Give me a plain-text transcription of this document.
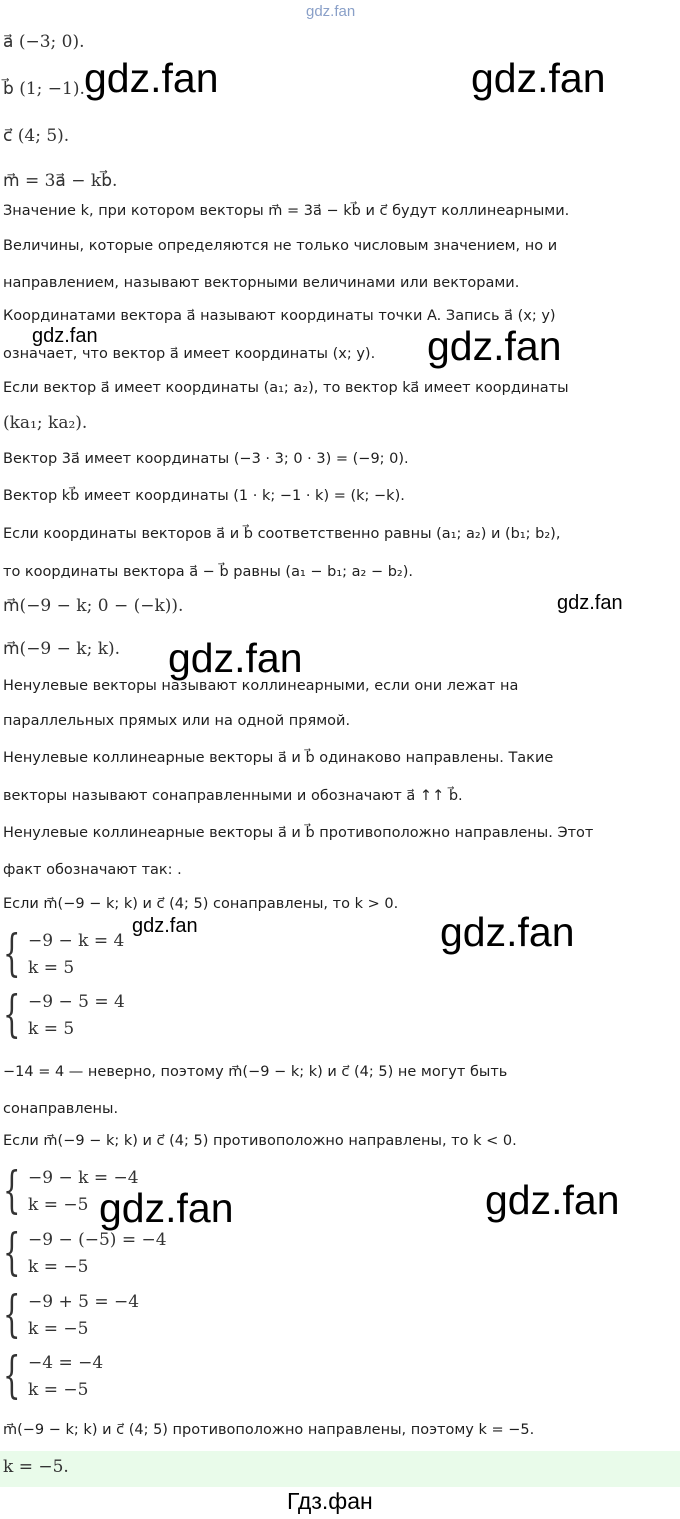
gdz.fan
a⃗ (−3; 0).
b⃗ (1; −1).
c⃗ (4; 5).
m⃗ = 3a⃗ − kb⃗.
Значение k, при котором векторы m⃗ = 3a⃗ − kb⃗ и c⃗ будут коллинеарными.
Величины, которые определяются не только числовым значением, но и
направлением, называют векторными величинами или векторами.
Координатами вектора a⃗ называют координаты точки A. Запись a⃗ (x; y)
означает, что вектор a⃗ имеет координаты (x; y).
Если вектор a⃗ имеет координаты (a₁; a₂), то вектор ka⃗ имеет координаты
(ka₁; ka₂).
Вектор 3a⃗ имеет координаты (−3 · 3; 0 · 3) = (−9; 0).
Вектор kb⃗ имеет координаты (1 · k; −1 · k) = (k; −k).
Если координаты векторов a⃗ и b⃗ соответственно равны (a₁; a₂) и (b₁; b₂),
то координаты вектора a⃗ − b⃗ равны (a₁ − b₁; a₂ − b₂).
m⃗(−9 − k; 0 − (−k)).
m⃗(−9 − k; k).
Ненулевые векторы называют коллинеарными, если они лежат на
параллельных прямых или на одной прямой.
Ненулевые коллинеарные векторы a⃗ и b⃗ одинаково направлены. Такие
векторы называют сонаправленными и обозначают a⃗ ↑↑ b⃗.
Ненулевые коллинеарные векторы a⃗ и b⃗ противоположно направлены. Этот
факт обозначают так: .
Если m⃗(−9 − k; k) и c⃗ (4; 5) сонаправлены, то k > 0.
{ −9 − k = 4
k = 5
{ −9 − 5 = 4
k = 5
−14 = 4 — неверно, поэтому m⃗(−9 − k; k) и c⃗ (4; 5) не могут быть
сонаправлены.
Если m⃗(−9 − k; k) и c⃗ (4; 5) противоположно направлены, то k < 0.
{ −9 − k = −4
k = −5
{ −9 − (−5) = −4
k = −5
{ −9 + 5 = −4
k = −5
{ −4 = −4
k = −5
m⃗(−9 − k; k) и c⃗ (4; 5) противоположно направлены, поэтому k = −5.
k = −5.
gdz.fan	gdz.fan
gdz.fan	gdz.fan
gdz.fan
gdz.fan
gdz.fan	gdz.fan
gdz.fan	gdz.fan
Гдз.фан
